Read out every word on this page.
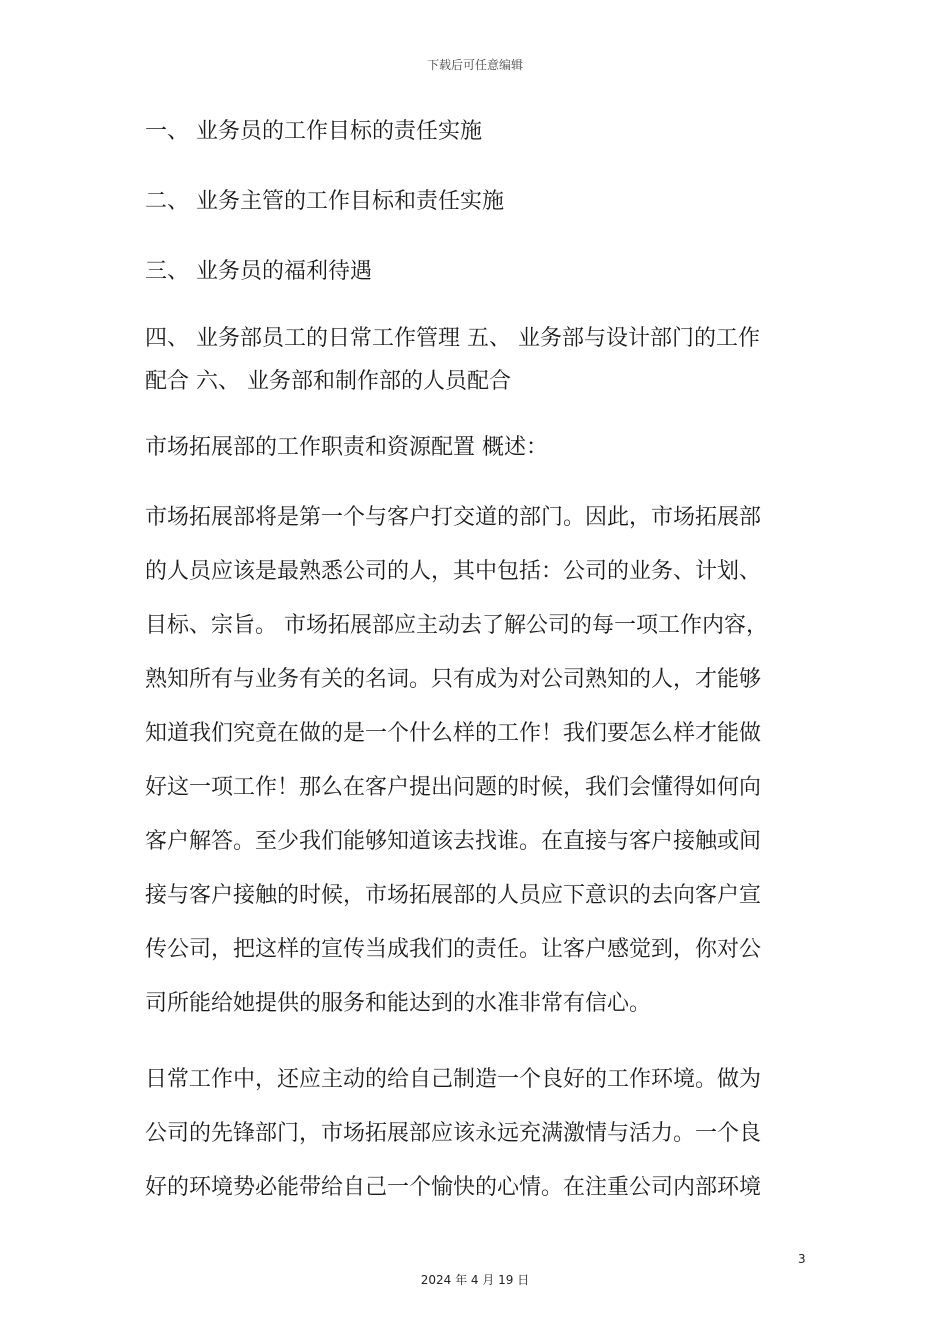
下载后可任意编辑

一、 业务员的工作目标的责任实施

二、 业务主管的工作目标和责任实施

三、 业务员的福利待遇

四、 业务部员工的日常工作管理 五、 业务部与设计部门的工作
配合 六、 业务部和制作部的人员配合

市场拓展部的工作职责和资源配置 概述：

市场拓展部将是第一个与客户打交道的部门。因此，市场拓展部
的人员应该是最熟悉公司的人，其中包括：公司的业务、计划、
目标、宗旨。 市场拓展部应主动去了解公司的每一项工作内容，
熟知所有与业务有关的名词。只有成为对公司熟知的人，才能够
知道我们究竟在做的是一个什么样的工作！我们要怎么样才能做
好这一项工作！那么在客户提出问题的时候，我们会懂得如何向
客户解答。至少我们能够知道该去找谁。在直接与客户接触或间
接与客户接触的时候，市场拓展部的人员应下意识的去向客户宣
传公司，把这样的宣传当成我们的责任。让客户感觉到，你对公
司所能给她提供的服务和能达到的水准非常有信心。
日常工作中，还应主动的给自己制造一个良好的工作环境。做为
公司的先锋部门，市场拓展部应该永远充满激情与活力。一个良
好的环境势必能带给自己一个愉快的心情。在注重公司内部环境
3
2024 年 4 月 19 日
